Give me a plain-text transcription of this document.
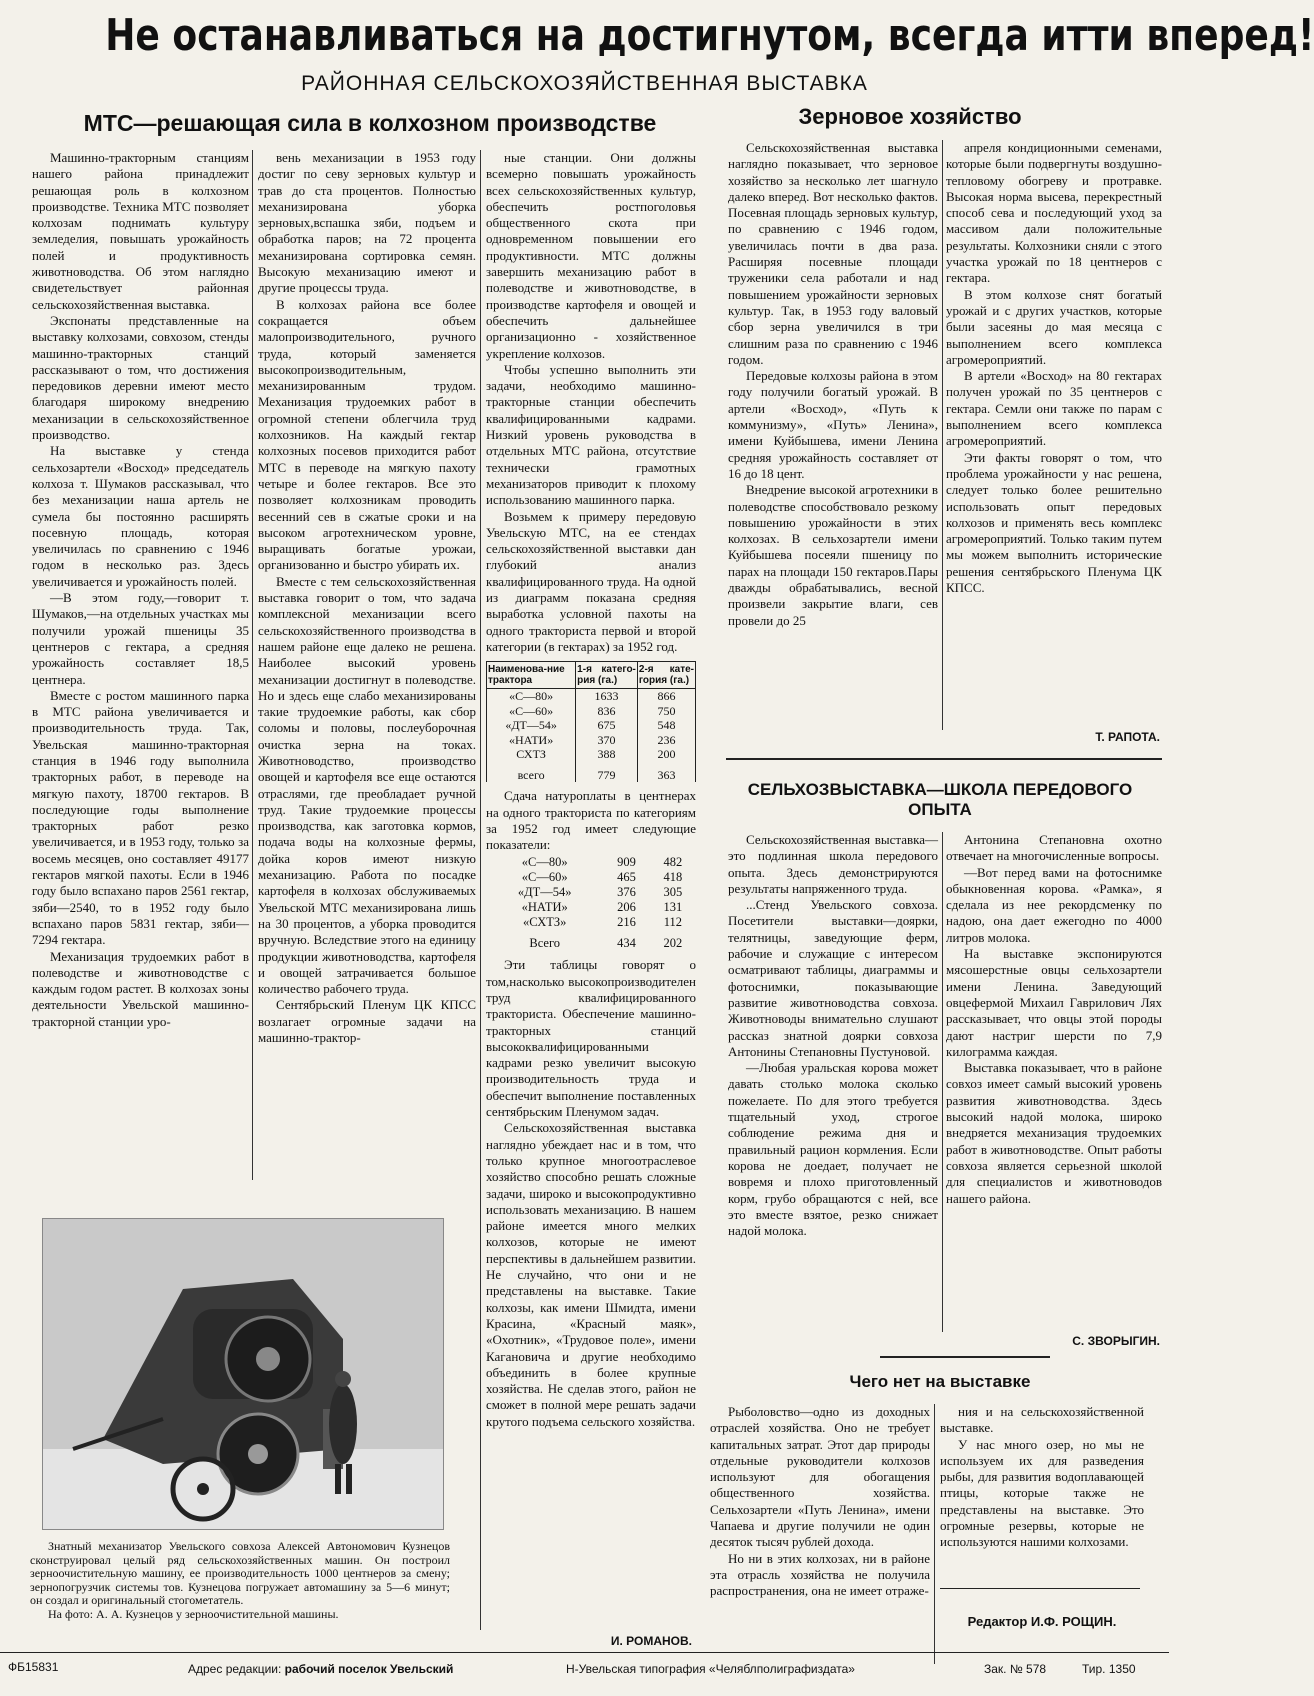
Не останавливаться на достигнутом, всегда итти вперед!
РАЙОННАЯ СЕЛЬСКОХОЗЯЙСТВЕННАЯ ВЫСТАВКА
МТС—решающая сила в колхозном производстве

Машинно-тракторным станциям нашего района принадлежит решающая роль в колхозном производстве. Техника МТС позволяет колхозам поднимать культуру земледелия, повышать урожайность полей и продуктивность животноводства. Об этом наглядно свидетельствует районная сельскохозяйственная выставка.

Экспонаты представленные на выставку колхозами, совхозом, стенды машинно-тракторных станций рассказывают о том, что достижения передовиков деревни имеют место благодаря широкому внедрению механизации в сельскохозяйственное производство.

На выставке у стенда сельхозартели «Восход» председатель колхоза т. Шумаков рассказывал, что без механизации наша артель не сумела бы постоянно расширять посевную площадь, которая увеличилась по сравнению с 1946 годом в несколько раз. Здесь увеличивается и урожайность полей.

—В этом году,—говорит т. Шумаков,—на отдельных участках мы получили урожай пшеницы 35 центнеров с гектара, а средняя урожайность составляет 18,5 центнера.

Вместе с ростом машинного парка в МТС района увеличивается и производительность труда. Так, Увельская машинно-тракторная станция в 1946 году выполнила тракторных работ, в переводе на мягкую пахоту, 18700 гектаров. В последующие годы выполнение тракторных работ резко увеличивается, и в 1953 году, только за восемь месяцев, оно составляет 49177 гектаров мягкой пахоты. Если в 1946 году было вспахано паров 2561 гектар, зяби—2540, то в 1952 году было вспахано паров 5831 гектар, зяби—7294 гектара.

Механизация трудоемких работ в полеводстве и животноводстве с каждым годом растет. В колхозах зоны деятельности Увельской машинно-тракторной станции уро-

вень механизации в 1953 году достиг по севу зерновых культур и трав до ста процентов. Полностью механизирована уборка зерновых,вспашка зяби, подъем и обработка паров; на 72 процента механизирована сортировка семян. Высокую механизацию имеют и другие процессы труда.

В колхозах района все более сокращается объем малопроизводительного, ручного труда, который заменяется высокопроизводительным, механизированным трудом. Механизация трудоемких работ в огромной степени облегчила труд колхозников. На каждый гектар колхозных посевов приходится работ МТС в переводе на мягкую пахоту четыре и более гектаров. Все это позволяет колхозникам проводить весенний сев в сжатые сроки и на высоком агротехническом уровне, выращивать богатые урожаи, организованно и быстро убирать их.

Вместе с тем сельскохозяйственная выставка говорит о том, что задача комплексной механизации всего сельскохозяйственного производства в нашем районе еще далеко не решена. Наиболее высокий уровень механизации достигнут в полеводстве. Но и здесь еще слабо механизированы такие трудоемкие работы, как сбор соломы и половы, послеуборочная очистка зерна на токах. Животноводство, производство овощей и картофеля все еще остаются отраслями, где преобладает ручной труд. Такие трудоемкие процессы производства, как заготовка кормов, подача воды на колхозные фермы, дойка коров имеют низкую механизацию. Работа по посадке картофеля в колхозах обслуживаемых Увельской МТС механизирована лишь на 30 процентов, а уборка проводится вручную. Вследствие этого на единицу продукции животноводства, картофеля и овощей затрачивается большое количество рабочего труда.

Сентябрьский Пленум ЦК КПСС возлагает огромные задачи на машинно-трактор-

ные станции. Они должны всемерно повышать урожайность всех сельскохозяйственных культур, обеспечить ростпоголовья общественного скота при одновременном повышении его продуктивности. МТС должны завершить механизацию работ в полеводстве и животноводстве, в производстве картофеля и овощей и обеспечить дальнейшее организационно - хозяйственное укрепление колхозов.

Чтобы успешно выполнить эти задачи, необходимо машинно-тракторные станции обеспечить квалифицированными кадрами. Низкий уровень руководства в отдельных МТС района, отсутствие технически грамотных механизаторов приводит к плохому использованию машинного парка.

Возьмем к примеру передовую Увельскую МТС, на ее стендах сельскохозяйственной выставки дан глубокий анализ квалифицированного труда. На одной из диаграмм показана средняя выработка условной пахоты на одного тракториста первой и второй категории (в гектарах) за 1952 год.

Наименова-ние трактора	1-я катего-рия (га.)	2-я кате-гория (га.)
«С—80»	1633	866
«С—60»	836	750
«ДТ—54»	675	548
«НАТИ»	370	236
СХТЗ	388	200
всего	779	363

Сдача натуроплаты в центнерах на одного тракториста по категориям за 1952 год имеет следующие показатели:

«С—80»	909	482
«С—60»	465	418
«ДТ—54»	376	305
«НАТИ»	206	131
«СХТЗ»	216	112
Всего	434	202

Эти таблицы говорят о том,насколько высокопроизводителен труд квалифицированного тракториста. Обеспечение машинно-тракторных станций высококвалифицированными кадрами резко увеличит высокую производительность труда и обеспечит выполнение поставленных сентябрьским Пленумом задач.

Сельскохозяйственная выставка наглядно убеждает нас и в том, что только крупное многоотраслевое хозяйство способно решать сложные задачи, широко и высокопродуктивно использовать механизацию. В нашем районе имеется много мелких колхозов, которые не имеют перспективы в дальнейшем развитии. Не случайно, что они и не представлены на выставке. Такие колхозы, как имени Шмидта, имени Красина, «Красный маяк», «Охотник», «Трудовое поле», имени Кагановича и другие необходимо объединить в более крупные хозяйства. Не сделав этого, район не сможет в полной мере решать задачи крутого подъема сельского хозяйства.

И. РОМАНОВ.
Знатный механизатор Увельского совхоза Алексей Автономович Кузнецов сконструировал целый ряд сельскохозяйственных машин. Он построил зерноочистительную машину, ее производительность 1000 центнеров за смену; зернопогрузчик системы тов. Кузнецова погружает автомашину за 5—6 минут; он создал и оригинальный стогометатель.
На фото: А. А. Кузнецов у зерноочистительной машины.
Зерновое хозяйство

Сельскохозяйственная выставка наглядно показывает, что зерновое хозяйство за несколько лет шагнуло далеко вперед. Вот несколько фактов. Посевная площадь зерновых культур, по сравнению с 1946 годом, увеличилась почти в два раза. Расширяя посевные площади труженики села работали и над повышением урожайности зерновых культур. Так, в 1953 году валовый сбор зерна увеличился в три слишним раза по сравнению с 1946 годом.

Передовые колхозы района в этом году получили богатый урожай. В артели «Восход», «Путь к коммунизму», «Путь» Ленина», имени Куйбышева, имени Ленина средняя урожайность составляет от 16 до 18 цент.

Внедрение высокой агротехники в полеводстве способствовало резкому повышению урожайности в этих колхозах. В сельхозартели имени Куйбышева посеяли пшеницу по парах на площади 150 гектаров.Пары дважды обрабатывались, весной произвели закрытие влаги, сев провели до 25

апреля кондиционными семенами, которые были подвергнуты воздушно-тепловому обогреву и протравке. Высокая норма высева, перекрестный способ сева и последующий уход за массивом дали положительные результаты. Колхозники сняли с этого участка урожай по 18 центнеров с гектара.

В этом колхозе снят богатый урожай и с других участков, которые были засеяны до мая месяца с выполнением всего комплекса агромероприятий.

В артели «Восход» на 80 гектарах получен урожай по 35 центнеров с гектара. Семли они также по парам с выполнением всего комплекса агромероприятий.

Эти факты говорят о том, что проблема урожайности у нас решена, следует только более решительно использовать опыт передовых колхозов и применять весь комплекс агромероприятий. Только таким путем мы можем выполнить исторические решения сентябрьского Пленума ЦК КПСС.

Т. РАПОТА.
СЕЛЬХОЗВЫСТАВКА—ШКОЛА ПЕРЕДОВОГО
ОПЫТА

Сельскохозяйственная выставка—это подлинная школа передового опыта. Здесь демонстрируются результаты напряженного труда.

...Стенд Увельского совхоза. Посетители выставки—доярки, телятницы, заведующие ферм, рабочие и служащие с интересом осматривают таблицы, диаграммы и фотоснимки, показывающие развитие животноводства совхоза. Животноводы внимательно слушают рассказ знатной доярки совхоза Антонины Степановны Пустуновой.

—Любая уральская корова может давать столько молока сколько пожелаете. По для этого требуется тщательный уход, строгое соблюдение режима дня и правильный рацион кормления. Если корова не доедает, получает не вовремя и плохо приготовленный корм, грубо обращаются с ней, все это вместе взятое, резко снижает надой молока.

Антонина Степановна охотно отвечает на многочисленные вопросы.

—Вот перед вами на фотоснимке обыкновенная корова. «Рамка», я сделала из нее рекордсменку по надою, она дает ежегодно по 4000 литров молока.

На выставке экспонируются мясошерстные овцы сельхозартели имени Ленина. Заведующий овцефермой Михаил Гаврилович Лях рассказывает, что овцы этой породы дают настриг шерсти по 7,9 килограмма каждая.

Выставка показывает, что в районе совхоз имеет самый высокий уровень развития животноводства. Здесь высокий надой молока, широко внедряется механизация трудоемких работ в животноводстве. Опыт работы совхоза является серьезной школой для специалистов и животноводов нашего района.

С. ЗВОРЫГИН.
Чего нет на выставке

Рыболовство—одно из доходных отраслей хозяйства. Оно не требует капитальных затрат. Этот дар природы отдельные руководители колхозов используют для обогащения общественного хозяйства. Сельхозартели «Путь Ленина», имени Чапаева и другие получили не один десяток тысяч рублей дохода.

Но ни в этих колхозах, ни в районе эта отрасль хозяйства не получила распространения, она не имеет отраже-

ния и на сельскохозяйственной выставке.

У нас много озер, но мы не используем их для разведения рыбы, для развития водоплавающей птицы, которые также не представлены на выставке. Это огромные резервы, которые не используются нашими колхозами.

Редактор И.Ф. РОЩИН.
ФБ15831	Адрес редакции: рабочий поселок Увельский	Н-Увельская типография «Челяблполиграфиздата»	Зак. № 578	Тир. 1350
